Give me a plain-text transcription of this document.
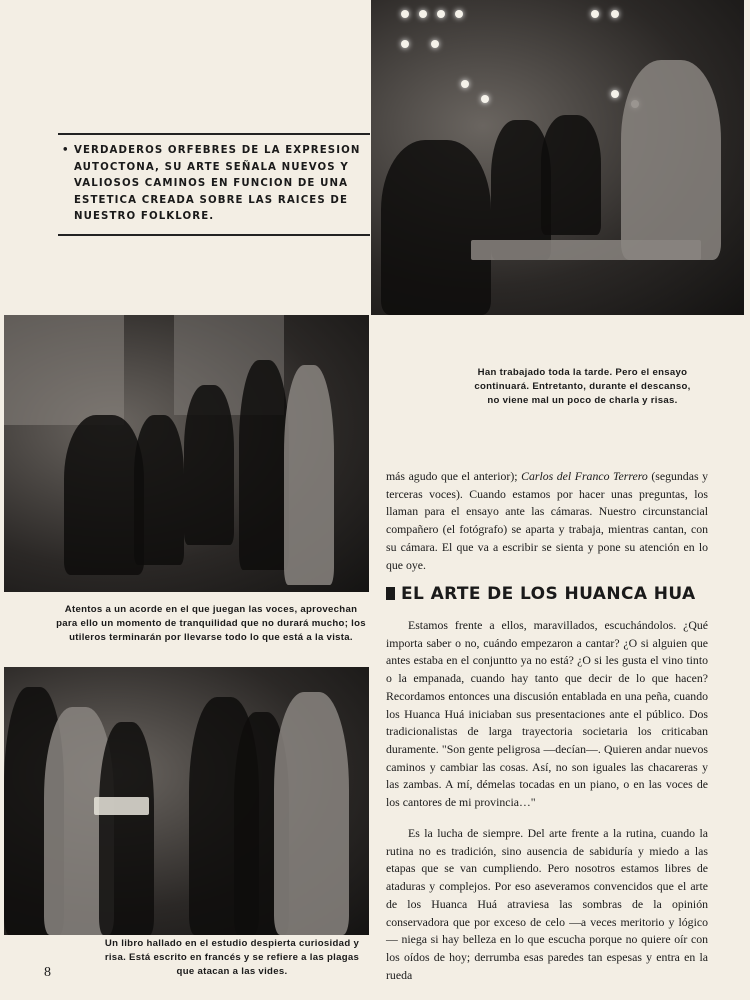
• VERDADEROS ORFEBRES DE LA EXPRESION AUTOCTONA, SU ARTE SEÑALA NUEVOS Y VALIOSOS CAMINOS EN FUNCION DE UNA ESTETICA CREADA SOBRE LAS RAICES DE NUESTRO FOLKLORE.
Han trabajado toda la tarde. Pero el ensayo continuará. Entretanto, durante el descanso, no viene mal un poco de charla y risas.
Atentos a un acorde en el que juegan las voces, aprovechan para ello un momento de tranquilidad que no durará mucho; los utileros terminarán por llevarse todo lo que está a la vista.
Un libro hallado en el estudio despierta curiosidad y risa. Está escrito en francés y se refiere a las plagas que atacan a las vides.

más agudo que el anterior); Carlos del Franco Terrero (segundas y terceras voces). Cuando estamos por hacer unas preguntas, los llaman para el ensayo ante las cámaras. Nuestro circunstancial compañero (el fotógrafo) se aparta y trabaja, mientras cantan, con su cámara. El que va a escribir se sienta y pone su atención en lo que oye.

EL ARTE DE LOS HUANCA HUA

Estamos frente a ellos, maravillados, escuchándolos. ¿Qué importa saber o no, cuándo empezaron a cantar? ¿O si alguien que antes estaba en el conjuntto ya no está? ¿O si les gusta el vino tinto o la empanada, cuando hay tanto que decir de lo que hacen? Recordamos entonces una discusión entablada en una peña, cuando los Huanca Huá iniciaban sus presentaciones ante el público. Dos tradicionalistas de larga trayectoria societaria los criticaban duramente. "Son gente peligrosa —decían—. Quieren andar nuevos caminos y cambiar las cosas. Así, no son iguales las chacareras y las zambas. A mí, démelas tocadas en un piano, o en las voces de los cantores de mi provincia…"

Es la lucha de siempre. Del arte frente a la rutina, cuando la rutina no es tradición, sino ausencia de sabiduría y miedo a las etapas que se van cumpliendo. Pero nosotros estamos libres de ataduras y complejos. Por eso aseveramos convencidos que el arte de los Huanca Huá atraviesa las sombras de la opinión conservadora que por exceso de celo —a veces meritorio y lógico— niega si hay belleza en lo que escucha porque no quiere oír con los oídos de hoy; derrumba esas paredes tan espesas y entra en la rueda

8
